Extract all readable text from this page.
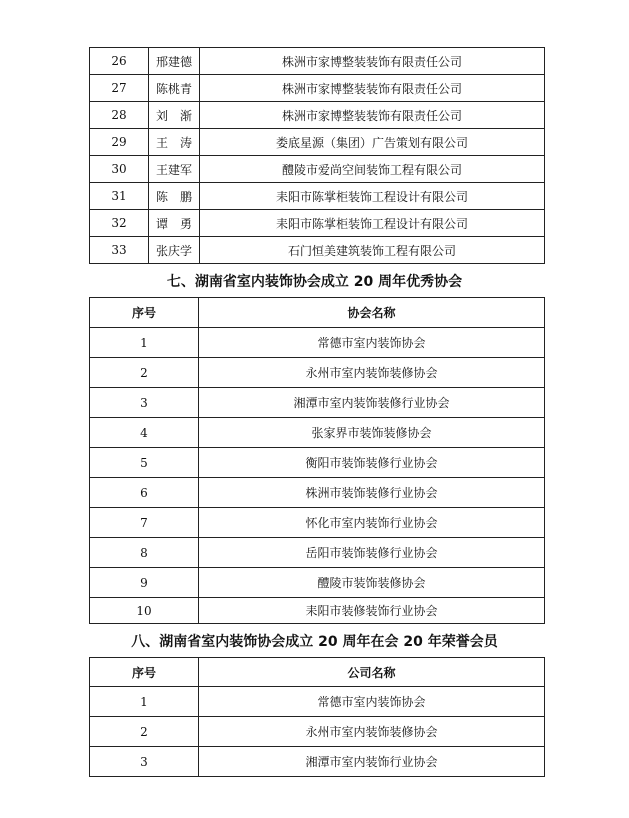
26	邢建德	株洲市家博整装装饰有限责任公司
27	陈桃青	株洲市家博整装装饰有限责任公司
28	刘　渐	株洲市家博整装装饰有限责任公司
29	王　涛	娄底星源（集团）广告策划有限公司
30	王建军	醴陵市爱尚空间装饰工程有限公司
31	陈　鹏	耒阳市陈掌柜装饰工程设计有限公司
32	谭　勇	耒阳市陈掌柜装饰工程设计有限公司
33	张庆学	石门恒美建筑装饰工程有限公司
七、湖南省室内装饰协会成立 20 周年优秀协会
序号	协会名称
1	常德市室内装饰协会
2	永州市室内装饰装修协会
3	湘潭市室内装饰装修行业协会
4	张家界市装饰装修协会
5	衡阳市装饰装修行业协会
6	株洲市装饰装修行业协会
7	怀化市室内装饰行业协会
8	岳阳市装饰装修行业协会
9	醴陵市装饰装修协会
10	耒阳市装修装饰行业协会
八、湖南省室内装饰协会成立 20 周年在会 20 年荣誉会员
序号	公司名称
1	常德市室内装饰协会
2	永州市室内装饰装修协会
3	湘潭市室内装饰行业协会
